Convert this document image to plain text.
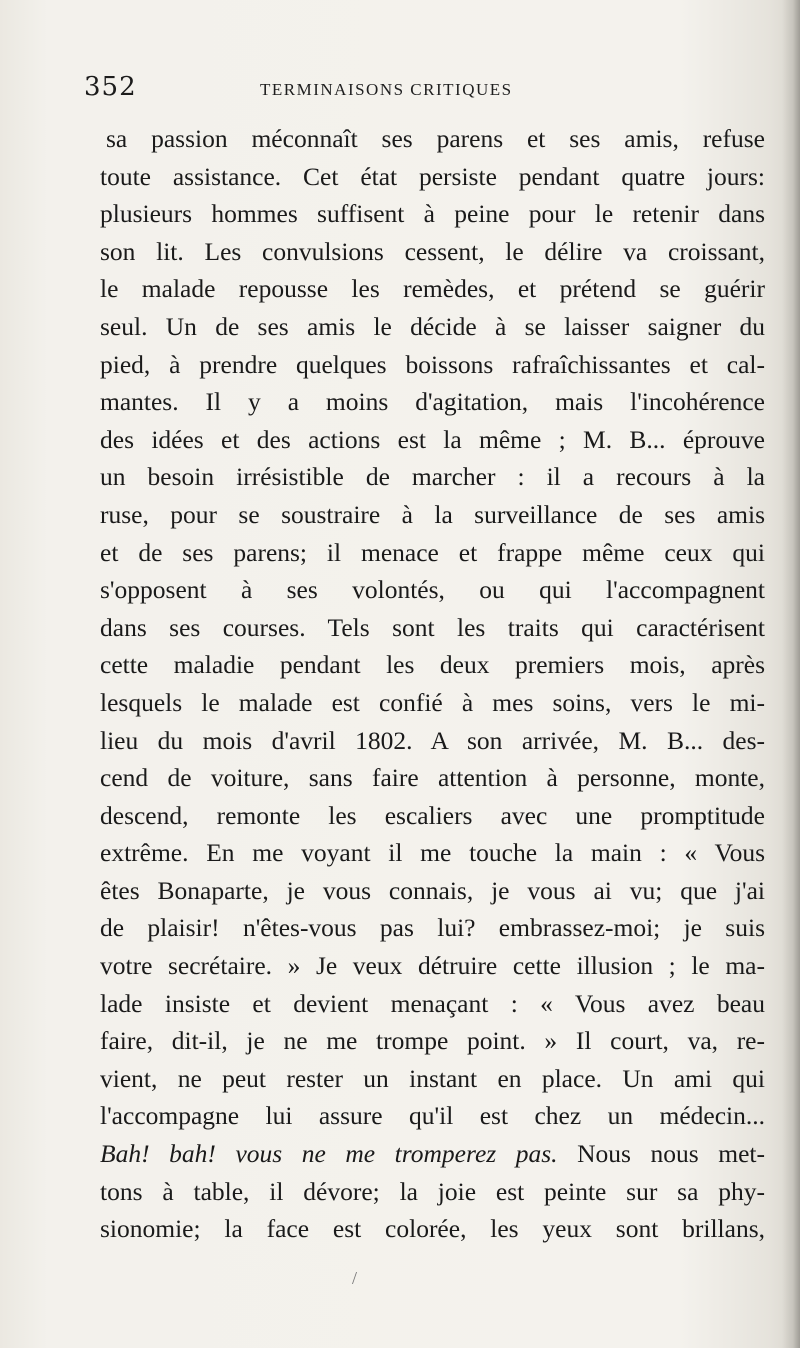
352	TERMINAISONS CRITIQUES
sa passion méconnaît ses parens et ses amis, refuse
toute assistance. Cet état persiste pendant quatre jours:
plusieurs hommes suffisent à peine pour le retenir dans
son lit. Les convulsions cessent, le délire va croissant,
le malade repousse les remèdes, et prétend se guérir
seul. Un de ses amis le décide à se laisser saigner du
pied, à prendre quelques boissons rafraîchissantes et cal-
mantes. Il y a moins d'agitation, mais l'incohérence
des idées et des actions est la même ; M. B... éprouve
un besoin irrésistible de marcher : il a recours à la
ruse, pour se soustraire à la surveillance de ses amis
et de ses parens; il menace et frappe même ceux qui
s'opposent à ses volontés, ou qui l'accompagnent
dans ses courses. Tels sont les traits qui caractérisent
cette maladie pendant les deux premiers mois, après
lesquels le malade est confié à mes soins, vers le mi-
lieu du mois d'avril 1802. A son arrivée, M. B... des-
cend de voiture, sans faire attention à personne, monte,
descend, remonte les escaliers avec une promptitude
extrême. En me voyant il me touche la main : « Vous
êtes Bonaparte, je vous connais, je vous ai vu; que j'ai
de plaisir! n'êtes-vous pas lui? embrassez-moi; je suis
votre secrétaire. » Je veux détruire cette illusion ; le ma-
lade insiste et devient menaçant : « Vous avez beau
faire, dit-il, je ne me trompe point. » Il court, va, re-
vient, ne peut rester un instant en place. Un ami qui
l'accompagne lui assure qu'il est chez un médecin...
Bah! bah! vous ne me tromperez pas. Nous nous met-
tons à table, il dévore; la joie est peinte sur sa phy-
sionomie; la face est colorée, les yeux sont brillans,
/
